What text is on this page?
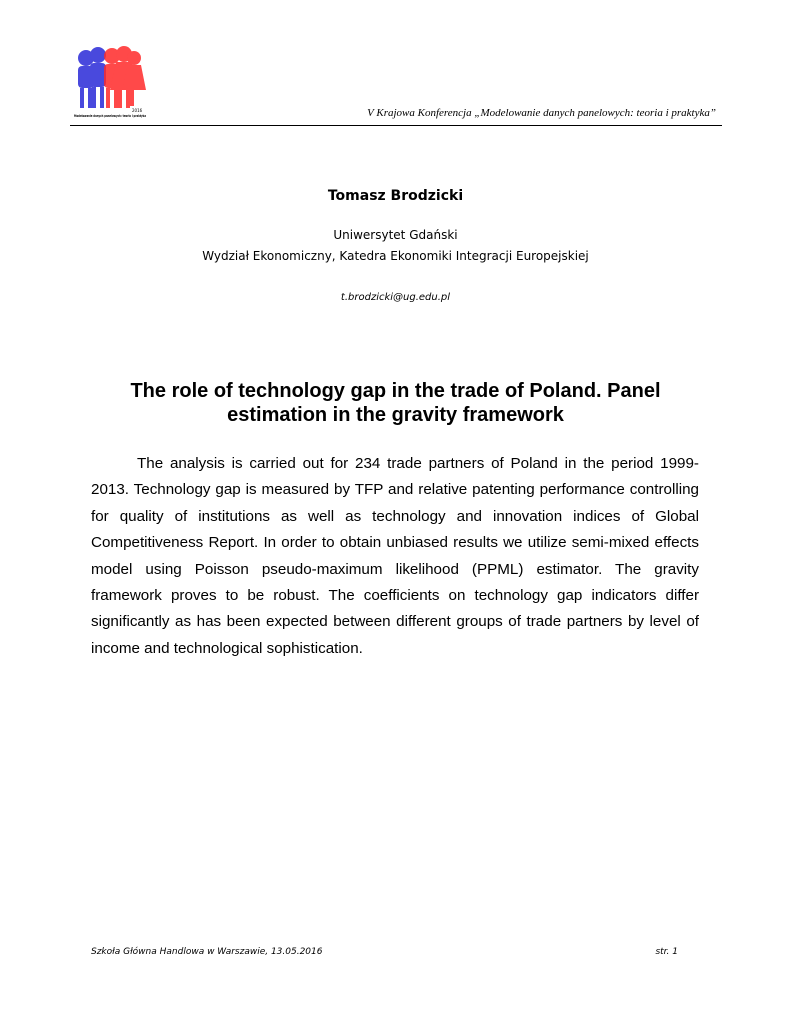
2016
Modelowanie danych panelowych: teoria i praktyka	V Krajowa Konferencja „Modelowanie danych panelowych: teoria i praktyka”
Tomasz Brodzicki
Uniwersytet Gdański
Wydział Ekonomiczny, Katedra Ekonomiki Integracji Europejskiej
t.brodzicki@ug.edu.pl
The role of technology gap in the trade of Poland. Panel estimation in the gravity framework

The analysis is carried out for 234 trade partners of Poland in the period 1999-2013. Technology gap is measured by TFP and relative patenting performance controlling for quality of institutions as well as technology and innovation indices of Global Competitiveness Report. In order to obtain unbiased results we utilize semi-mixed effects model using Poisson pseudo-maximum likelihood (PPML) estimator. The gravity framework proves to be robust. The coefficients on technology gap indicators differ significantly as has been expected between different groups of trade partners by level of income and technological sophistication.

Szkoła Główna Handlowa w Warszawie, 13.05.2016	str. 1
